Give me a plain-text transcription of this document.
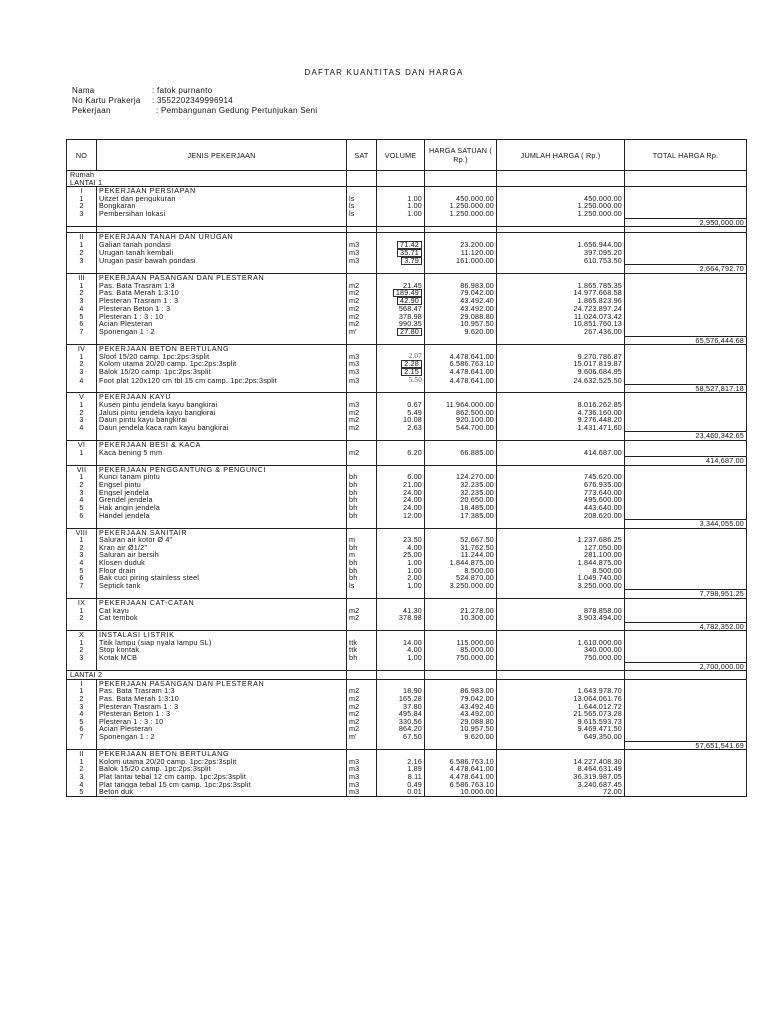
DAFTAR KUANTITAS DAN HARGA
Nama	: fatok purnanto
No Kartu Prakerja : 3552202349996914
Pekerjaan	: Pembangunan Gedung Pertunjukan Seni
NO	JENIS PEKERJAAN	SAT	VOLUME	HARGA SATUAN ( Rp.)	JUMLAH HARGA ( Rp.)	TOTAL HARGA Rp.
Rumah						
LANTAI 1						
I	PEKERJAAN PERSIAPAN					
1	Uitzet dan pengukuran	ls	1.00	450.000.00	450.000.00	
2	Bongkaran	ls	1.00	1.250.000.00	1.250.000.00	
3	Pembersihan lokasi	ls	1.00	1.250.000.00	1.250.000.00	
						2,950,000.00

II	PEKERJAAN TANAH DAN URUGAN					
1	Galian tanah pondasi	m3	71.42	23.200.00	1.656.944.00	
2	Urugan tanah kembali	m3	35.71	11.120.00	397.095.20	
3	Urugan pasir bawah pondasi	m3	3.79	161.000.00	610.753.50	
						2,664,792.70
III	PEKERJAAN PASANGAN DAN PLESTERAN					
1	Pas. Bata Trasram 1:3	m2	21.45	86.983.00	1.865.785.35	
2	Pas. Bata Merah 1:3:10	m2	189.49	79.042.00	14.977.668.58	
3	Plesteran Trasram 1 : 3	m2	42.90	43.492.40	1.865.823.96	
4	Plesteran Beton 1 : 3	m2	568.47	43.492.00	24.723.897.24	
5	Plesteran 1 : 3 : 10	m2	378.98	29.088.80	11.024.073.42	
6	Acian Plesteran	m2	990.35	10.957.50	10.851.760.13	
7	Sponengan 1 : 2	m'	27.80	9.620.00	267.436.00	
						65,576,444.68
IV	PEKERJAAN BETON BERTULANG					
1	Sloof 15/20 camp. 1pc:2ps:3split	m3	2.07	4.478.641.00	9.270.786.87	
2	Kolom utama 20/20 camp. 1pc:2ps:3split	m3	2.28	6.586.763.10	15.017.819.87	
3	Balok 15/20 camp. 1pc:2ps:3split	m3	2.15	4.478.641.00	9.606.684.95	
4	Foot plat 120x120 cm tbl 15 cm camp. 1pc:2ps:3split	m3	5.50	4.478.641.00	24.632.525.50	
						58,527,817.18
V	PEKERJAAN KAYU					
1	Kusen pintu jendela kayu bangkirai	m3	0.67	11.964.000.00	8.016.262.85	
2	Jalusi pintu jendela kayu bangkirai	m2	5.49	862.500.00	4.736.160.00	
3	Daun pintu kayu bangkirai	m2	10.08	920.100.00	9.276.448.20	
4	Daun jendela kaca ram kayu bangkirai	m2	2.63	544.700.00	1.431.471.60	
						23,460,342.65
VI	PEKERJAAN BESI & KACA					
1	Kaca bening 5 mm	m2	6.20	66.885.00	414.687.00	
						414,687.00
VII	PEKERJAAN PENGGANTUNG & PENGUNCI					
1	Kunci tanam pintu	bh	6.00	124.270.00	745.620.00	
2	Engsel pintu	bh	21.00	32.235.00	676.935.00	
3	Engsel jendela	bh	24.00	32.235.00	773.640.00	
4	Grendel jendela	bh	24.00	20.650.00	495.600.00	
5	Hak angin jendela	bh	24.00	18.485.00	443.640.00	
6	Handel jendela	bh	12.00	17.385.00	208.620.00	
						3,344,055.00
VIII	PEKERJAAN SANITAIR					
1	Saluran air kotor Ø 4"	m	23.50	52.667.50	1.237.686.25	
2	Kran air Ø1/2"	bh	4.00	31.762.50	127.050.00	
3	Saluran air bersih	m	25.00	11.244.00	281.100.00	
4	Klosen duduk	bh	1.00	1.844.875.00	1.844.875.00	
5	Floor drain	bh	1.00	8.500.00	8.500.00	
6	Bak cuci piring stainless steel	bh	2.00	524.870.00	1.049.740.00	
7	Septick tank	ls	1.00	3.250.000.00	3.250.000.00	
						7,798,951.25
IX	PEKERJAAN CAT-CATAN					
1	Cat kayu	m2	41.30	21.278.00	878.858.00	
2	Cat tembok	m2	378.98	10.300.00	3.903.494.00	
						4,782,352.00
X	INSTALASI LISTRIK					
1	Titik lampu (siap nyala lampu SL)	ttk	14.00	115.000.00	1.610.000.00	
2	Stop kontak	ttk	4.00	85.000.00	340.000.00	
3	Kotak MCB	bh	1.00	750.000.00	750.000.00	
						2,700,000.00
LANTAI 2						
I	PEKERJAAN PASANGAN DAN PLESTERAN					
1	Pas. Bata Trasram 1:3	m2	18.90	86.983.00	1.643.978.70	
2	Pas. Bata Merah 1:3:10	m2	165.28	79.042.00	13.064.061.76	
3	Plesteran Trasram 1 : 3	m2	37.80	43.492.40	1.644.012.72	
4	Plesteran Beton 1 : 3	m2	495.84	43.492.00	21.565.073.28	
5	Plesteran 1 : 3 : 10	m2	330.56	29.088.80	9.615.593.73	
6	Acian Plesteran	m2	864.20	10.957.50	9.469.471.50	
7	Sponengan 1 : 2	m'	67.50	9.620.00	649.350.00	
						57,651,541.69
II	PEKERJAAN BETON BERTULANG					
1	Kolom utama 20/20 camp. 1pc:2ps:3split	m3	2.16	6.586.763.10	14.227.408.30	
2	Balok 15/20 camp. 1pc:2ps:3split	m3	1.89	4.478.641.00	8.464.631.49	
3	Plat lantai tebal 12 cm camp. 1pc:2ps:3split	m3	8.11	4.478.641.00	36.319.987.05	
4	Plat tangga tebal 15 cm camp. 1pc:2ps:3split	m3	0.49	6.586.763.10	3.240.687.45	
5	Beton duk	m3	0.01	10.000.00	72.00	
